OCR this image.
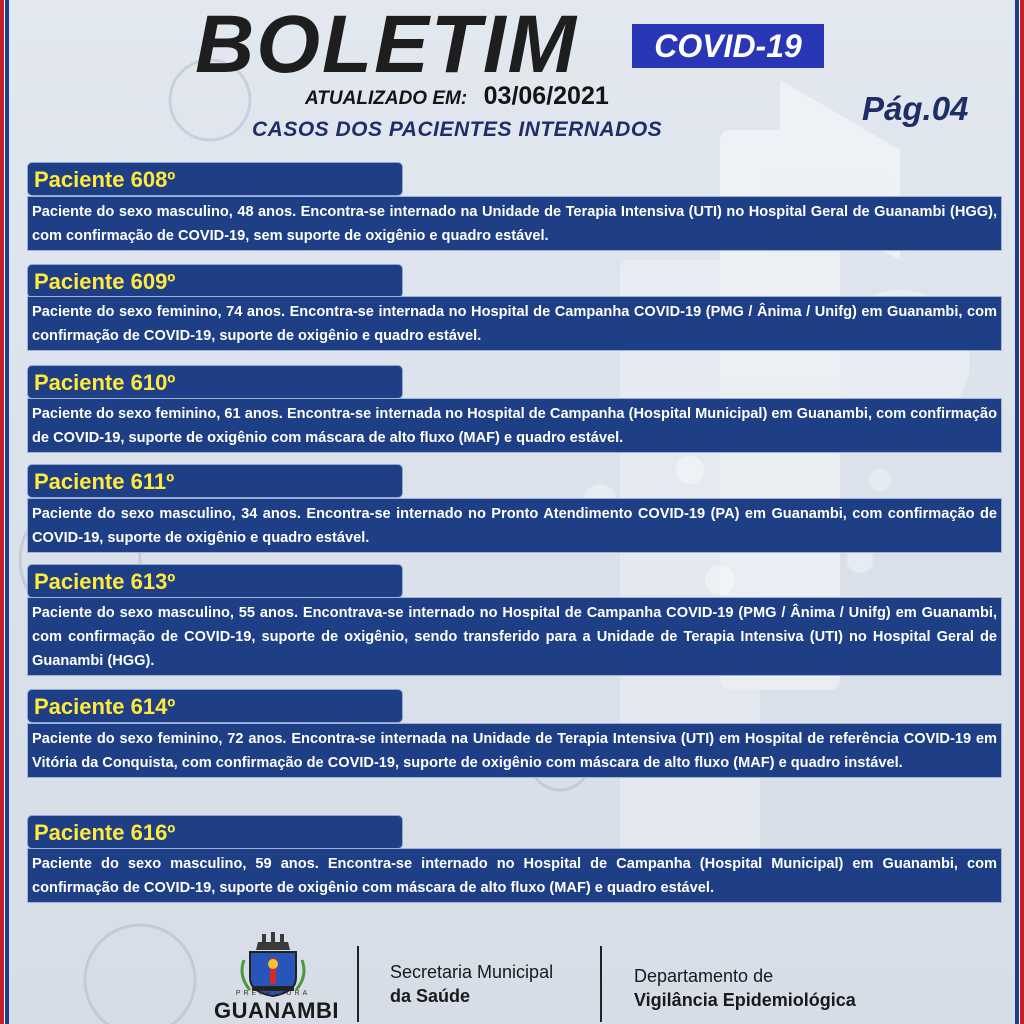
BOLETIM	COVID-19
ATUALIZADO EM: 03/06/2021
CASOS DOS PACIENTES INTERNADOS
Pág.04
Paciente 608º
Paciente do sexo masculino, 48 anos. Encontra-se internado na Unidade de Terapia Intensiva (UTI) no Hospital Geral de Guanambi (HGG), com confirmação de COVID-19, sem suporte de oxigênio e quadro estável.
Paciente 609º
Paciente do sexo feminino, 74 anos. Encontra-se internada no Hospital de Campanha COVID-19 (PMG / Ânima / Unifg) em Guanambi, com confirmação de COVID-19, suporte de oxigênio e quadro estável.
Paciente 610º
Paciente do sexo feminino, 61 anos. Encontra-se internada no Hospital de Campanha (Hospital Municipal) em Guanambi, com confirmação de COVID-19, suporte de oxigênio com máscara de alto fluxo (MAF) e quadro estável.
Paciente 611º
Paciente do sexo masculino, 34 anos. Encontra-se internado no Pronto Atendimento COVID-19 (PA) em Guanambi, com confirmação de COVID-19, suporte de oxigênio e quadro estável.
Paciente 613º
Paciente do sexo masculino, 55 anos. Encontrava-se internado no Hospital de Campanha COVID-19 (PMG / Ânima / Unifg) em Guanambi, com confirmação de COVID-19, suporte de oxigênio, sendo transferido para a Unidade de Terapia Intensiva (UTI) no Hospital Geral de Guanambi (HGG).
Paciente 614º
Paciente do sexo feminino, 72 anos. Encontra-se internada na Unidade de Terapia Intensiva (UTI) em Hospital de referência COVID-19 em Vitória da Conquista, com confirmação de COVID-19, suporte de oxigênio com máscara de alto fluxo (MAF) e quadro instável.
Paciente 616º
Paciente do sexo masculino, 59 anos. Encontra-se internado no Hospital de Campanha (Hospital Municipal) em Guanambi, com confirmação de COVID-19, suporte de oxigênio com máscara de alto fluxo (MAF) e quadro estável.
PREFEITURA
GUANAMBI
Secretaria Municipal
da Saúde
Departamento de
Vigilância Epidemiológica
